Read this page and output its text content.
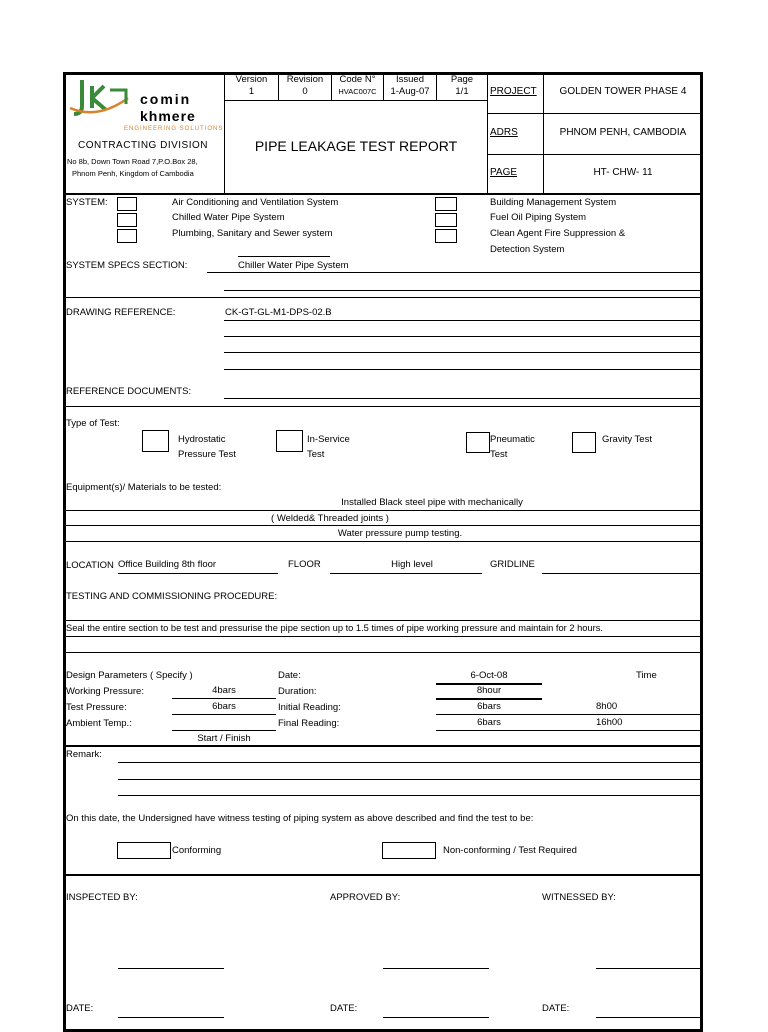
comin
khmere
ENGINEERING SOLUTIONS
CONTRACTING DIVISION
No 8b, Down Town Road 7,P.O.Box 28,
Phnom Penh, Kingdom of Cambodia
Version
1
Revision
0
Code N°
HVAC007C
Issued
1-Aug-07
Page
1/1
PIPE LEAKAGE TEST REPORT
PROJECT	GOLDEN TOWER PHASE 4
ADRS	PHNOM PENH, CAMBODIA
PAGE	HT- CHW- 11
SYSTEM:	Air Conditioning and Ventilation System
Chilled Water Pipe System
Plumbing, Sanitary and Sewer system
Building Management System
Fuel Oil Piping System
Clean Agent Fire Suppression &
Detection System
SYSTEM SPECS SECTION:	Chiller Water Pipe System
DRAWING REFERENCE:	CK-GT-GL-M1-DPS-02.B
REFERENCE DOCUMENTS:
Type of Test:
Hydrostatic
Pressure Test
In-Service
Test
Pneumatic
Test
Gravity Test
Equipment(s)/ Materials to be tested:
Installed Black steel pipe with mechanically
( Welded& Threaded joints )
Water pressure pump testing.
LOCATION Office Building 8th floor	FLOOR	High level	GRIDLINE
TESTING AND COMMISSIONING PROCEDURE:
Seal the entire section to be test and pressurise the pipe section up to 1.5 times of pipe working pressure and maintain for 2 hours.
Design Parameters ( Specify )
Working Pressure:	4bars
Test Pressure:	6bars
Ambient Temp.:
Start / Finish
Date:	6-Oct-08	Time
Duration:	8hour
Initial Reading:	6bars	8h00
Final Reading:	6bars	16h00
Remark:
On this date, the Undersigned have witness testing of piping system as above described and find the test to be:
Conforming	Non-conforming / Test Required
INSPECTED BY:	APPROVED BY:	WITNESSED BY:
DATE:	DATE:	DATE:
